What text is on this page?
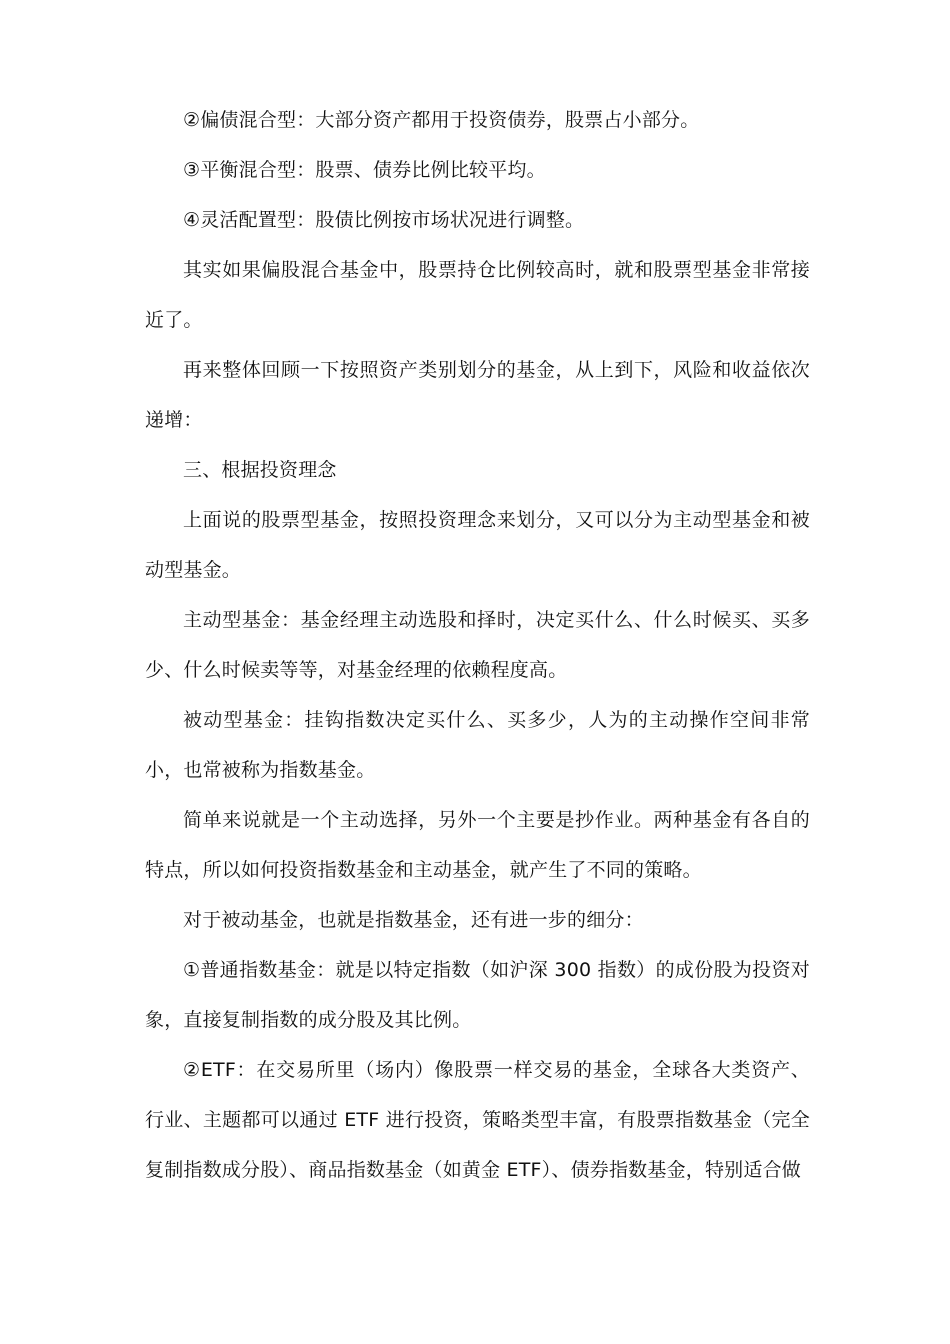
②偏债混合型：大部分资产都用于投资债券，股票占小部分。

③平衡混合型：股票、债券比例比较平均。

④灵活配置型：股债比例按市场状况进行调整。

其实如果偏股混合基金中，股票持仓比例较高时，就和股票型基金非常接近了。

再来整体回顾一下按照资产类别划分的基金，从上到下，风险和收益依次递增：

三、根据投资理念

上面说的股票型基金，按照投资理念来划分，又可以分为主动型基金和被动型基金。

主动型基金：基金经理主动选股和择时，决定买什么、什么时候买、买多少、什么时候卖等等，对基金经理的依赖程度高。

被动型基金：挂钩指数决定买什么、买多少，人为的主动操作空间非常小，也常被称为指数基金。

简单来说就是一个主动选择，另外一个主要是抄作业。两种基金有各自的特点，所以如何投资指数基金和主动基金，就产生了不同的策略。

对于被动基金，也就是指数基金，还有进一步的细分：

①普通指数基金：就是以特定指数（如沪深 300 指数）的成份股为投资对象，直接复制指数的成分股及其比例。

②ETF：在交易所里（场内）像股票一样交易的基金，全球各大类资产、行业、主题都可以通过 ETF 进行投资，策略类型丰富，有股票指数基金（完全复制指数成分股）、商品指数基金（如黄金 ETF）、债券指数基金，特别适合做
